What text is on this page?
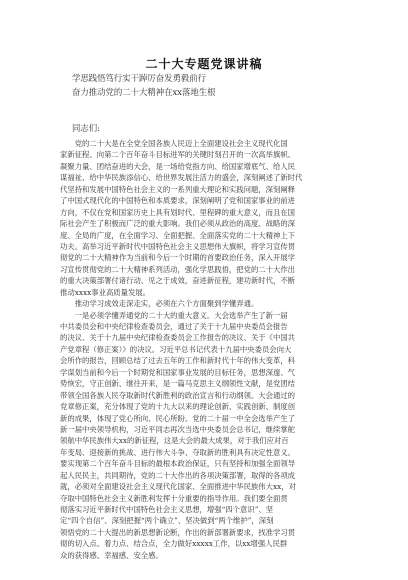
二十大专题党课讲稿
学思践悟笃行实干踔厉奋发勇毅前行
奋力推动党的二十大精神在xx落地生根
同志们:
　　党的二十大是在全党全国各族人民迈上全面建设社会主义现代化国
家新征程、向第二个百年奋斗目标进军的关键时刻召开的一次高举旗帜、
凝聚力量、团结奋进的大会，是一场给党指方向、给国家增底气、给人民
谋福祉、给中华民族添信心、给世界发展注活力的盛会，深刻阐述了新时代
代坚持和发展中国特色社会主义的一系列重大理论和实践问题，深刻阐释
了中国式现代化的中国特色和本质要求，深刻阐明了党和国家事业的前进
方向，不仅在党和国家历史上具有划时代、里程碑的重大意义，而且在国
际社会产生了积极而广泛的重大影响。我们必须从政治的高度、战略的深
度、全局的广度，在全面学习、全面把握、全面落实党的二十大精神上下
功夫。高举习近平新时代中国特色社会主义思想伟大旗帜，将学习宣传贯
彻党的二十大精神作为当前和今后一个时期的首要政治任务，深入开展学
习宣传贯彻党的二十大精神系列活动，强化学思践悟，把党的二十大作出
的重大决策部署付诸行动、见之于成效，奋进新征程，建功新时代，不断
推动xxxx事业高质量发展。
　　推动学习成效走深走实，必须在六个方面聚到学懂弄通。
　　一是必须学懂弄通党的二十大的重大意义。大会选举产生了新一届
中共委员会和中央纪律检查委员会，通过了关于十九届中央委员会报告
的决议、关于十九届中央纪律检查委员会工作报告的决议、关于《中国共
产党章程（修正案）》的决议。习近平总书记代表十九届中央委员会向大
会所作的报告，回顾总结了过去五年的工作和新时代十年的伟大变革，科
学谋划当前和今后一个时期党和国家事业发展的目标任务，思想深邃、气
势恢宏，守正创新、继往开来，是一篇马克思主义纲领性文献，是党团结
带领全国各族人民夺取新时代新胜利的政治宣言和行动纲领。大会通过的
党章修正案，充分体现了党的十九大以来的理论创新、实践创新、制度创
新的成果，体现了党心所向、民心所盼。党的二十届一中全会选举产生了
新一届中央领导机构，习近平同志再次当选中央委员会总书记，继续掌舵
领航中华民族伟大xx的新征程，这是大会的最大成果，对于我们应对百
年变局、迎接新的挑战、进行伟大斗争、夺取新的胜利具有决定性意义。
要实现第二个百年奋斗目标的最根本政治保证，只有坚持和加强全面领导
起人民民主，共同期待，党的二十大作出的各项决策部署，取得的各项成
就，必须对全面建设社会主义现代化国家、全面推进中华民族伟大xx，对
夺取中国特色社会主义新胜利发挥十分重要的指导作用。我们要全面贯
彻落实习近平新时代中国特色社会主义思想，增强“四个意识”、坚
定“四个自信”、深刻把握“两个确立”、坚决做到“两个维护”，深刻
领悟党的二十大提出的新思想新论断，作出的新部署新要求，找准学习贯
彻的切入点、着力点、结合点，全力做好xxxxx工作，以xx增强人民群
众的获得感、幸福感、安全感。
